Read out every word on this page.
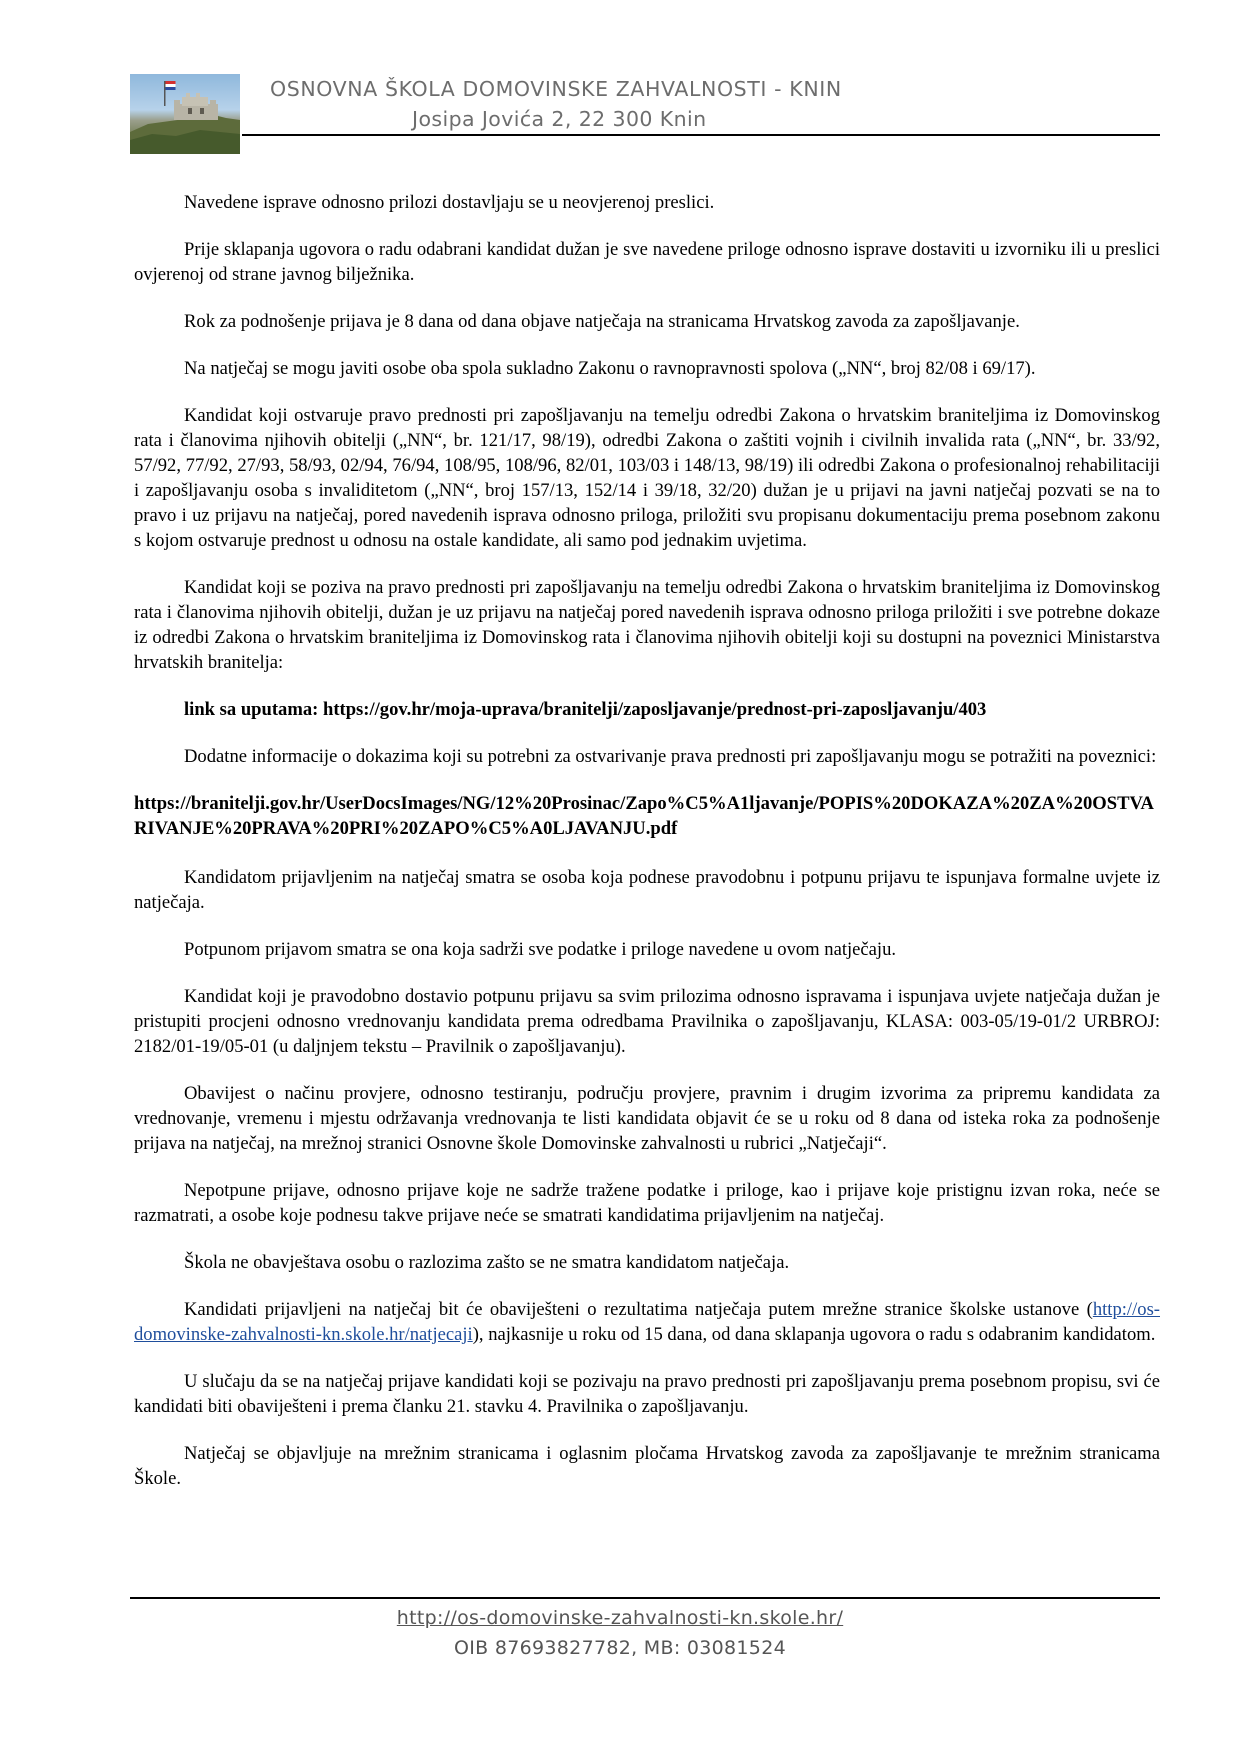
OSNOVNA ŠKOLA DOMOVINSKE ZAHVALNOSTI - KNIN
Josipa Jovića 2, 22 300 Knin

Navedene isprave odnosno prilozi dostavljaju se u neovjerenoj preslici.

Prije sklapanja ugovora o radu odabrani kandidat dužan je sve navedene priloge odnosno isprave dostaviti u izvorniku ili u preslici ovjerenoj od strane javnog bilježnika.

Rok za podnošenje prijava je 8 dana od dana objave natječaja na stranicama Hrvatskog zavoda za zapošljavanje.

Na natječaj se mogu javiti osobe oba spola sukladno Zakonu o ravnopravnosti spolova („NN“, broj 82/08 i 69/17).

Kandidat koji ostvaruje pravo prednosti pri zapošljavanju na temelju odredbi Zakona o hrvatskim braniteljima iz Domovinskog rata i članovima njihovih obitelji („NN“, br. 121/17, 98/19), odredbi Zakona o zaštiti vojnih i civilnih invalida rata („NN“, br. 33/92, 57/92, 77/92, 27/93, 58/93, 02/94, 76/94, 108/95, 108/96, 82/01, 103/03 i 148/13, 98/19) ili odredbi Zakona o profesionalnoj rehabilitaciji i zapošljavanju osoba s invaliditetom („NN“, broj 157/13, 152/14 i 39/18, 32/20) dužan je u prijavi na javni natječaj pozvati se na to pravo i uz prijavu na natječaj, pored navedenih isprava odnosno priloga, priložiti svu propisanu dokumentaciju prema posebnom zakonu s kojom ostvaruje prednost u odnosu na ostale kandidate, ali samo pod jednakim uvjetima.

Kandidat koji se poziva na pravo prednosti pri zapošljavanju na temelju odredbi Zakona o hrvatskim braniteljima iz Domovinskog rata i članovima njihovih obitelji, dužan je uz prijavu na natječaj pored navedenih isprava odnosno priloga priložiti i sve potrebne dokaze iz odredbi Zakona o hrvatskim braniteljima iz Domovinskog rata i članovima njihovih obitelji koji su dostupni na poveznici Ministarstva hrvatskih branitelja:

link sa uputama: https://gov.hr/moja-uprava/branitelji/zaposljavanje/prednost-pri-zaposljavanju/403

Dodatne informacije o dokazima koji su potrebni za ostvarivanje prava prednosti pri zapošljavanju mogu se potražiti na poveznici:

https://branitelji.gov.hr/UserDocsImages/NG/12%20Prosinac/Zapo%C5%A1ljavanje/POPIS%20DOKAZA%20ZA%20OSTVARIVANJE%20PRAVA%20PRI%20ZAPO%C5%A0LJAVANJU.pdf

Kandidatom prijavljenim na natječaj smatra se osoba koja podnese pravodobnu i potpunu prijavu te ispunjava formalne uvjete iz natječaja.

Potpunom prijavom smatra se ona koja sadrži sve podatke i priloge navedene u ovom natječaju.

Kandidat koji je pravodobno dostavio potpunu prijavu sa svim prilozima odnosno ispravama i ispunjava uvjete natječaja dužan je pristupiti procjeni odnosno vrednovanju kandidata prema odredbama Pravilnika o zapošljavanju, KLASA: 003-05/19-01/2 URBROJ: 2182/01-19/05-01 (u daljnjem tekstu – Pravilnik o zapošljavanju).

Obavijest o načinu provjere, odnosno testiranju, području provjere, pravnim i drugim izvorima za pripremu kandidata za vrednovanje, vremenu i mjestu održavanja vrednovanja te listi kandidata objavit će se u roku od 8 dana od isteka roka za podnošenje prijava na natječaj, na mrežnoj stranici Osnovne škole Domovinske zahvalnosti u rubrici „Natječaji“.

Nepotpune prijave, odnosno prijave koje ne sadrže tražene podatke i priloge, kao i prijave koje pristignu izvan roka, neće se razmatrati, a osobe koje podnesu takve prijave neće se smatrati kandidatima prijavljenim na natječaj.

Škola ne obavještava osobu o razlozima zašto se ne smatra kandidatom natječaja.

Kandidati prijavljeni na natječaj bit će obaviješteni o rezultatima natječaja putem mrežne stranice školske ustanove (http://os-domovinske-zahvalnosti-kn.skole.hr/natjecaji), najkasnije u roku od 15 dana, od dana sklapanja ugovora o radu s odabranim kandidatom.

U slučaju da se na natječaj prijave kandidati koji se pozivaju na pravo prednosti pri zapošljavanju prema posebnom propisu, svi će kandidati biti obaviješteni i prema članku 21. stavku 4. Pravilnika o zapošljavanju.

Natječaj se objavljuje na mrežnim stranicama i oglasnim pločama Hrvatskog zavoda za zapošljavanje te mrežnim stranicama Škole.

http://os-domovinske-zahvalnosti-kn.skole.hr/
OIB 87693827782, MB: 03081524
